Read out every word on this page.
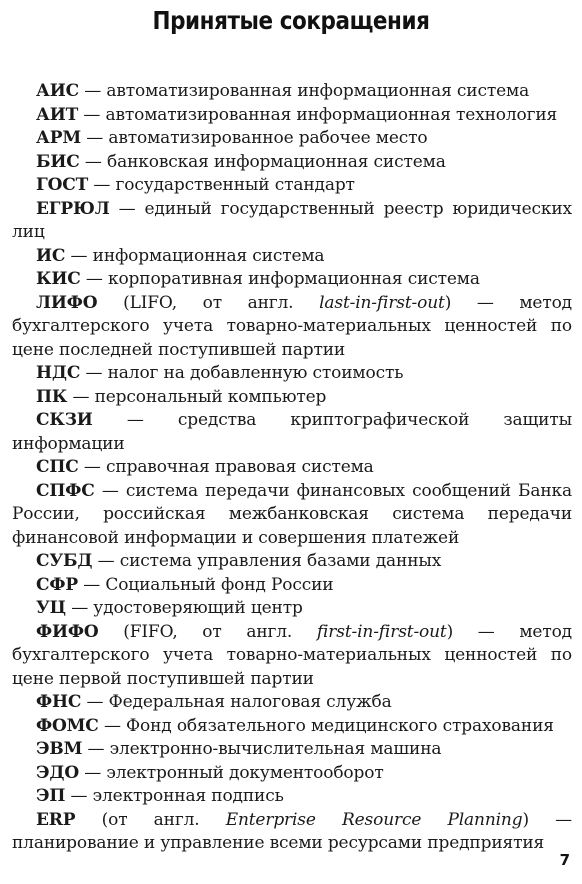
Принятые сокращения

АИС — автоматизированная информационная система

АИТ — автоматизированная информационная технология

АРМ — автоматизированное рабочее место

БИС — банковская информационная система

ГОСТ — государственный стандарт

ЕГРЮЛ — единый государственный реестр юридических лиц

ИС — информационная система

КИС — корпоративная информационная система

ЛИФО (LIFO, от англ. last-in-first-out) — метод бухгалтерского учета товарно-материальных ценностей по цене последней поступившей партии

НДС — налог на добавленную стоимость

ПК — персональный компьютер

СКЗИ — средства криптографической защиты информации

СПС — справочная правовая система

СПФС — система передачи финансовых сообщений Банка России, российская межбанковская система передачи финансовой информации и совершения платежей

СУБД — система управления базами данных

СФР — Социальный фонд России

УЦ — удостоверяющий центр

ФИФО (FIFO, от англ. first-in-first-out) — метод бухгалтерского учета товарно-материальных ценностей по цене первой поступившей партии

ФНС — Федеральная налоговая служба

ФОМС — Фонд обязательного медицинского страхования

ЭВМ — электронно-вычислительная машина

ЭДО — электронный документооборот

ЭП — электронная подпись

ERP (от англ. Enterprise Resource Planning) — планирование и управление всеми ресурсами предприятия

7
